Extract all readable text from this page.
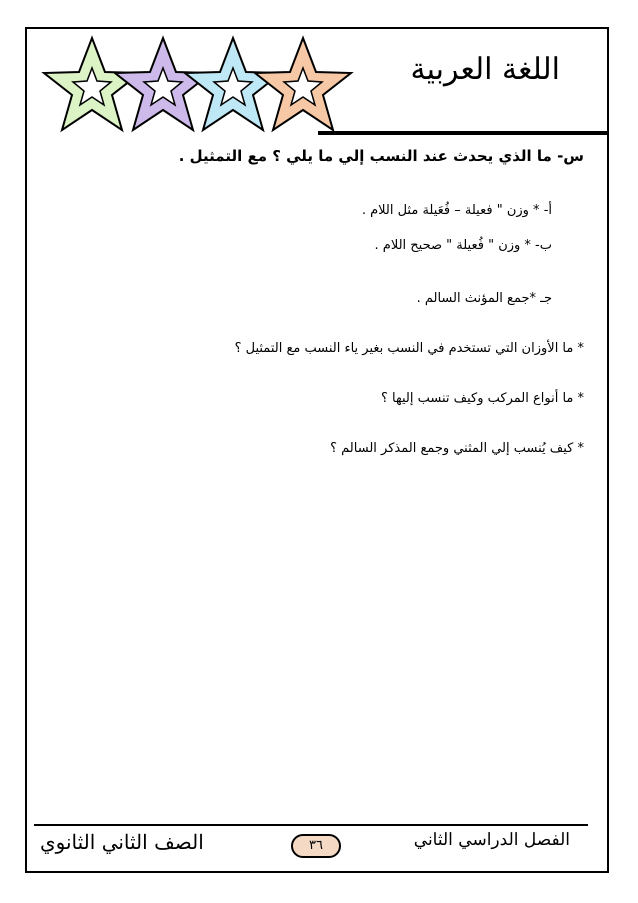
اللغة العربية
س- ما الذي يحدث عند النسب إلي ما يلي ؟ مع التمثيل .
أ- * وزن " فعيلة – فُعَيلة مثل اللام .
ب- * وزن " فُعيلة " صحيح اللام .
جـ *جمع المؤنث السالم .
* ما الأوزان التي تستخدم في النسب بغير ياء النسب مع التمثيل ؟
* ما أنواع المركب وكيف تنسب إليها ؟
* كيف يُنسب إلي المثني وجمع المذكر السالم ؟
الفصل الدراسي الثاني
٣٦
الصف الثاني الثانوي
